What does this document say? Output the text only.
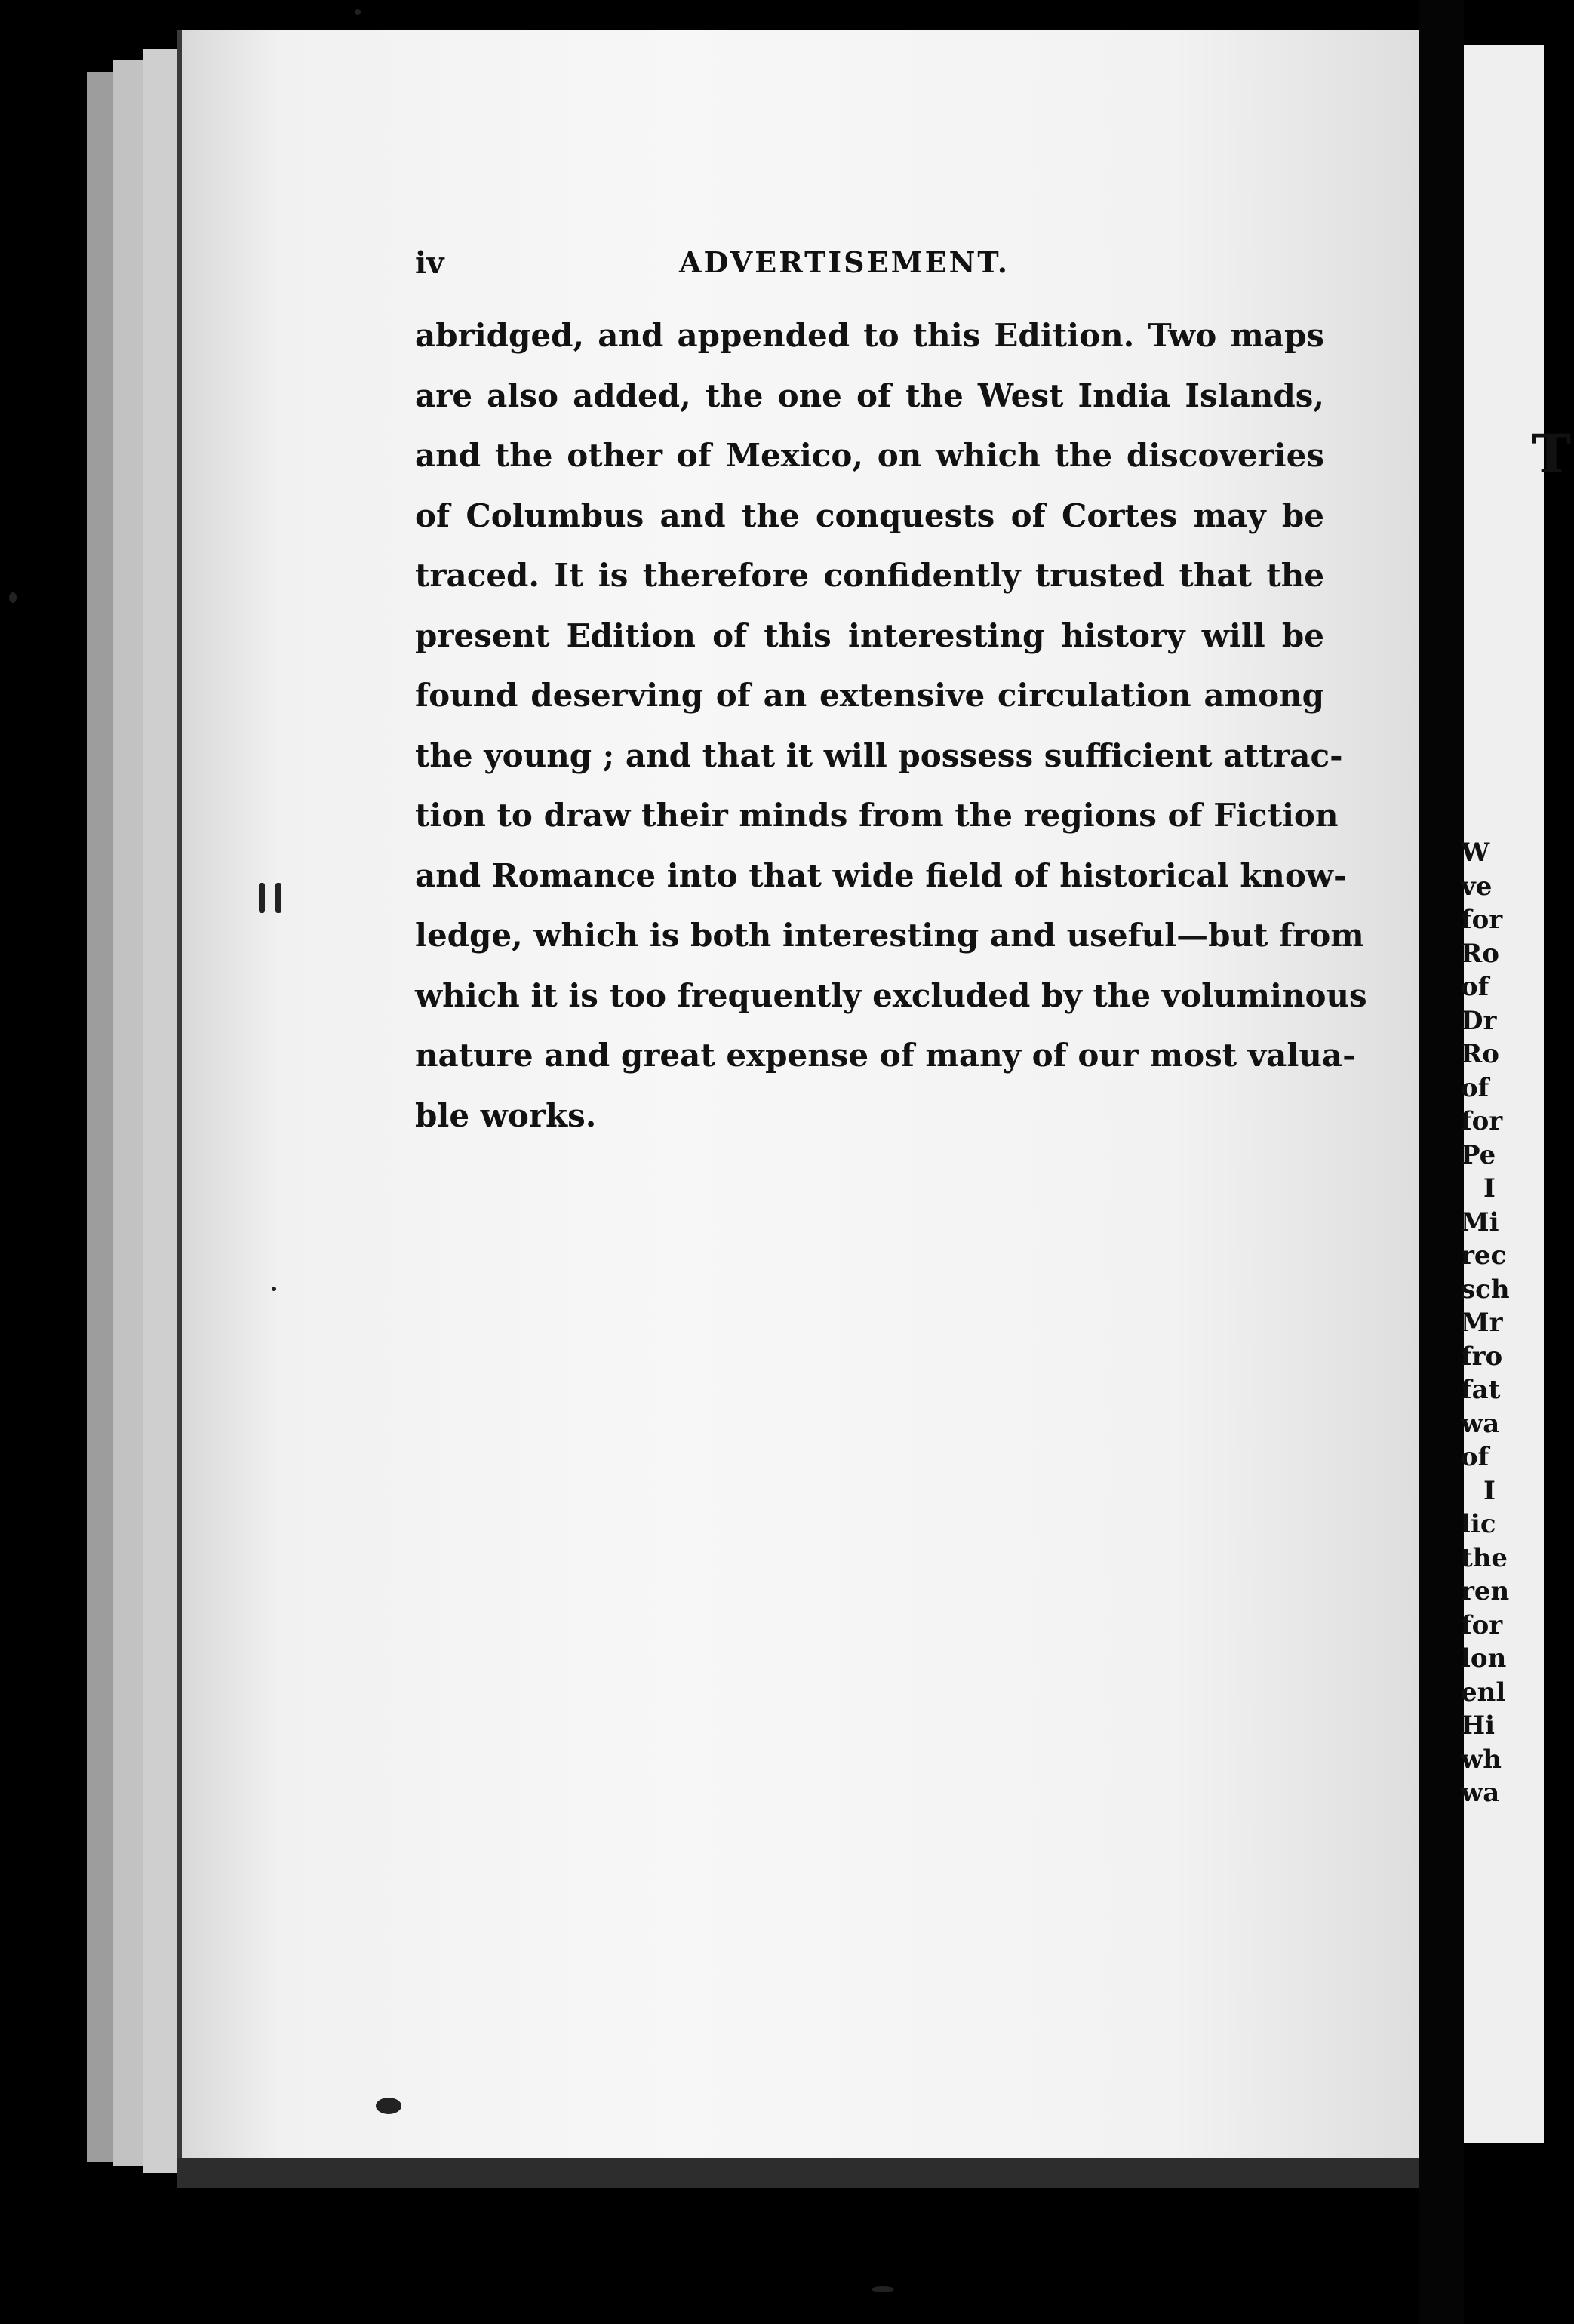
iv	ADVERTISEMENT.
abridged, and appended to this Edition. Two maps
are also added, the one of the West India Islands,
and the other of Mexico, on which the discoveries
of Columbus and the conquests of Cortes may be
traced. It is therefore confidently trusted that the
present Edition of this interesting history will be
found deserving of an extensive circulation among
the young ; and that it will possess sufficient attrac-
tion to draw their minds from the regions of Fiction
and Romance into that wide field of historical know-
ledge, which is both interesting and useful—but from
which it is too frequently excluded by the voluminous
nature and great expense of many of our most valua-
ble works.
T
W
ve
for
Ro
of
Dr
Ro
of
for
Pe
I
Mi
rec
sch
Mr
fro
fat
wa
of
I
lic
the
ren
for
lon
enl
Hi
wh
wa
